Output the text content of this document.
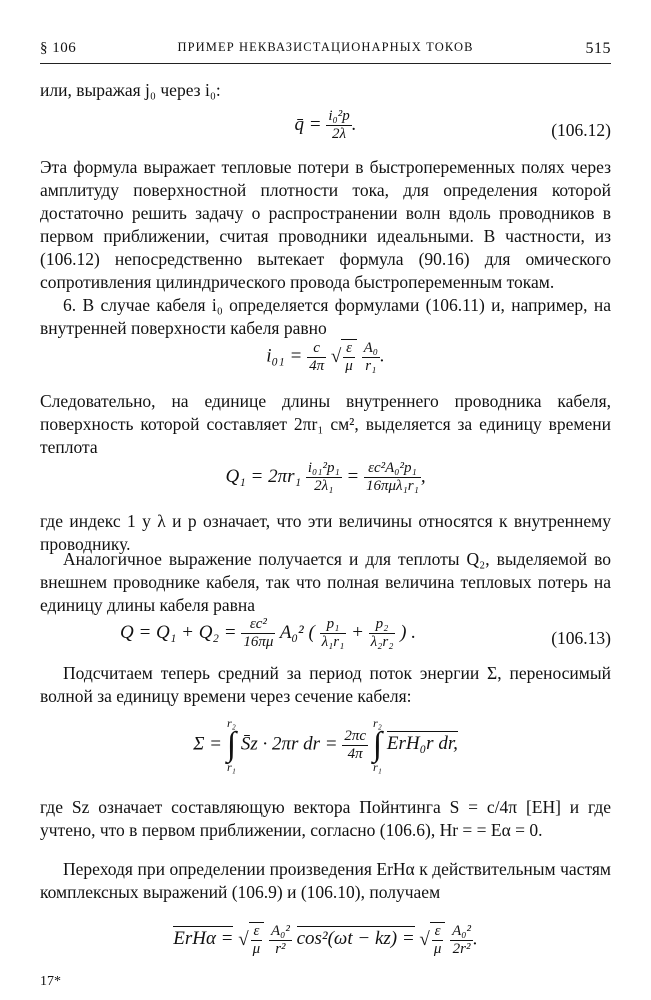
§ 106	ПРИМЕР НЕКВАЗИСТАЦИОНАРНЫХ ТОКОВ	515
или, выражая j₀ через i₀:
q̄ = $\frac{\text{i₀²p}}{2\lambda}$ .	(106.12)
Эта формула выражает тепловые потери в быстропеременных полях через амплитуду поверхностной плотности тока, для определения которой достаточно решить задачу о распространении волн вдоль проводников в первом приближении, считая проводники идеальными. В частности, из (106.12) непосредственно вытекает формула (90.16) для омического сопротивления цилиндрического провода быстропеременным токам.
6. В случае кабеля i₀ определяется формулами (106.11) и, например, на внутренней поверхности кабеля равно
$i_{01} = \frac{c}{4\pi}$ √ $\frac{\varepsilon}{\mu}$
$\frac{\text{A₀}}{\text{r₁}}$ .
Следовательно, на единице длины внутреннего проводника кабеля, поверхность которой составляет 2πr₁ см², выделяется за единицу времени теплота
$Q_1 = 2\pi r_1 \frac{\text{i₀₁²p₁}}{\text{2λ₁}} = \frac{\text{εc²A₀²p₁}}{\text{16πμλ₁r₁}}$ ,
где индекс 1 у λ и p означает, что эти величины относятся к внутреннему проводнику.
Аналогичное выражение получается и для теплоты Q₂, выделяемой во внешнем проводнике кабеля, так что полная величина тепловых потерь на единицу длины кабеля равна
$Q = Q_1 + Q_2 = \frac{\text{εc²}}{16\pi\mu} A_0^2$ ( $\frac{\text{p₁}}{\text{λ₁r₁}} + \frac{\text{p₂}}{\text{λ₂r₂}}$ ) .	(106.13)
Подсчитаем теперь средний за период поток энергии Σ, переносимый волной за единицу времени через сечение кабеля:
Σ =
r₂
∫
r₁
S̄z · 2πr dr = $\frac{2\pi c}{4\pi}$

r₂
∫
r₁
ErH₀r dr,
где Sz означает составляющую вектора Пойнтинга S = c/4π [EH] и где учтено, что в первом приближении, согласно (106.6), Hr = = Eα = 0.
Переходя при определении произведения ErHα к действительным частям комплексных выражений (106.9) и (106.10), получаем
ErHα = √ $\frac{\varepsilon}{\mu}$
$\frac{\text{A₀²}}{\text{r²}} \cos^2(\omega t - kz)$ = √ $\frac{\varepsilon}{\mu}$
$\frac{\text{A₀²}}{\text{2r²}}$ .
17*
